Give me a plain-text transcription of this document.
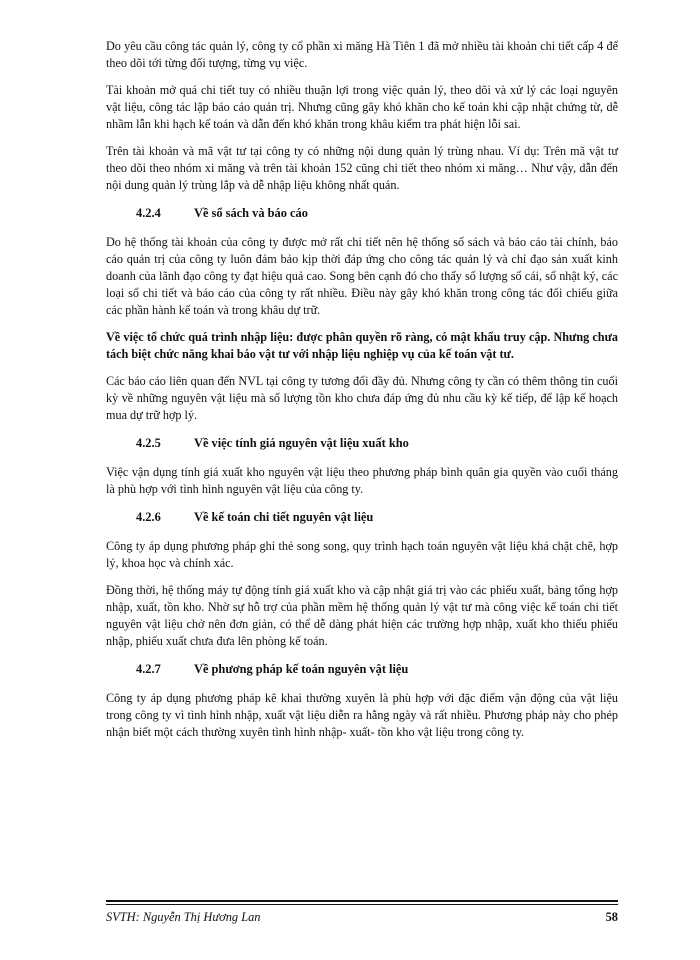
Do yêu cầu công tác quản lý, công ty cổ phần xi măng Hà Tiên 1 đã mở nhiều tài khoản chi tiết cấp 4 để theo dõi tới từng đối tượng, từng vụ việc.

Tài khoản mở quá chi tiết tuy có nhiều thuận lợi trong việc quản lý, theo dõi và xử lý các loại nguyên vật liệu, công tác lập báo cáo quản trị. Nhưng cũng gây khó khăn cho kế toán khi cập nhật chứng từ, dễ nhầm lẫn khi hạch kế toán và dẫn đến khó khăn trong khâu kiểm tra phát hiện lỗi sai.

Trên tài khoản và mã vật tư tại công ty có những nội dung quản lý trùng nhau. Ví dụ: Trên mã vật tư theo dõi theo nhóm xi măng và trên tài khoản 152 cũng chi tiết theo nhóm xi măng… Như vậy, dẫn đến nội dung quản lý trùng lắp và dễ nhập liệu không nhất quán.

4.2.4	Về sổ sách và báo cáo

Do hệ thống tài khoản của công ty được mở rất chi tiết nên hệ thống sổ sách và báo cáo tài chính, báo cáo quản trị của công ty luôn đảm bảo kịp thời đáp ứng cho công tác quản lý và chỉ đạo sản xuất kinh doanh của lãnh đạo công ty đạt hiệu quả cao. Song bên cạnh đó cho thấy số lượng sổ cái, sổ nhật ký, các loại sổ chi tiết và báo cáo của công ty rất nhiều. Điều này gây khó khăn trong công tác đối chiếu giữa các phần hành kế toán và trong khâu dự trữ.

Về việc tổ chức quá trình nhập liệu: được phân quyền rõ ràng, có mật khẩu truy cập. Nhưng chưa tách biệt chức năng khai báo vật tư với nhập liệu nghiệp vụ của kế toán vật tư.

Các báo cáo liên quan đến NVL tại công ty tương đối đầy đủ. Nhưng công ty cần có thêm thông tin cuối kỳ về những nguyên vật liệu mà số lượng tồn kho chưa đáp ứng đủ nhu cầu kỳ kế tiếp, để lập kế hoạch mua dự trữ hợp lý.

4.2.5	Về việc tính giá nguyên vật liệu xuất kho

Việc vận dụng tính giá xuất kho nguyên vật liệu theo phương pháp bình quân gia quyền vào cuối tháng là phù hợp với tình hình nguyên vật liệu của công ty.

4.2.6	Về kế toán chi tiết nguyên vật liệu

Công ty áp dụng phương pháp ghi thẻ song song, quy trình hạch toán nguyên vật liệu khá chặt chẽ, hợp lý, khoa học và chính xác.

Đồng thời, hệ thống máy tự động tính giá xuất kho và cập nhật giá trị vào các phiếu xuất, bảng tổng hợp nhập, xuất, tồn kho. Nhờ sự hỗ trợ của phần mềm hệ thống quản lý vật tư mà công việc kế toán chi tiết nguyên vật liệu chở nên đơn giản, có thể dễ dàng phát hiện các trường hợp nhập, xuất kho thiếu phiếu nhập, phiếu xuất chưa đưa lên phòng kế toán.

4.2.7	Về phương pháp kế toán nguyên vật liệu

Công ty áp dụng phương pháp kê khai thường xuyên là phù hợp với đặc điểm vận động của vật liệu trong công ty vì tình hình nhập, xuất vật liệu diễn ra hằng ngày và rất nhiều. Phương pháp này cho phép nhận biết một cách thường xuyên tình hình nhập- xuất- tồn kho vật liệu trong công ty.

SVTH: Nguyễn Thị Hương Lan	58
